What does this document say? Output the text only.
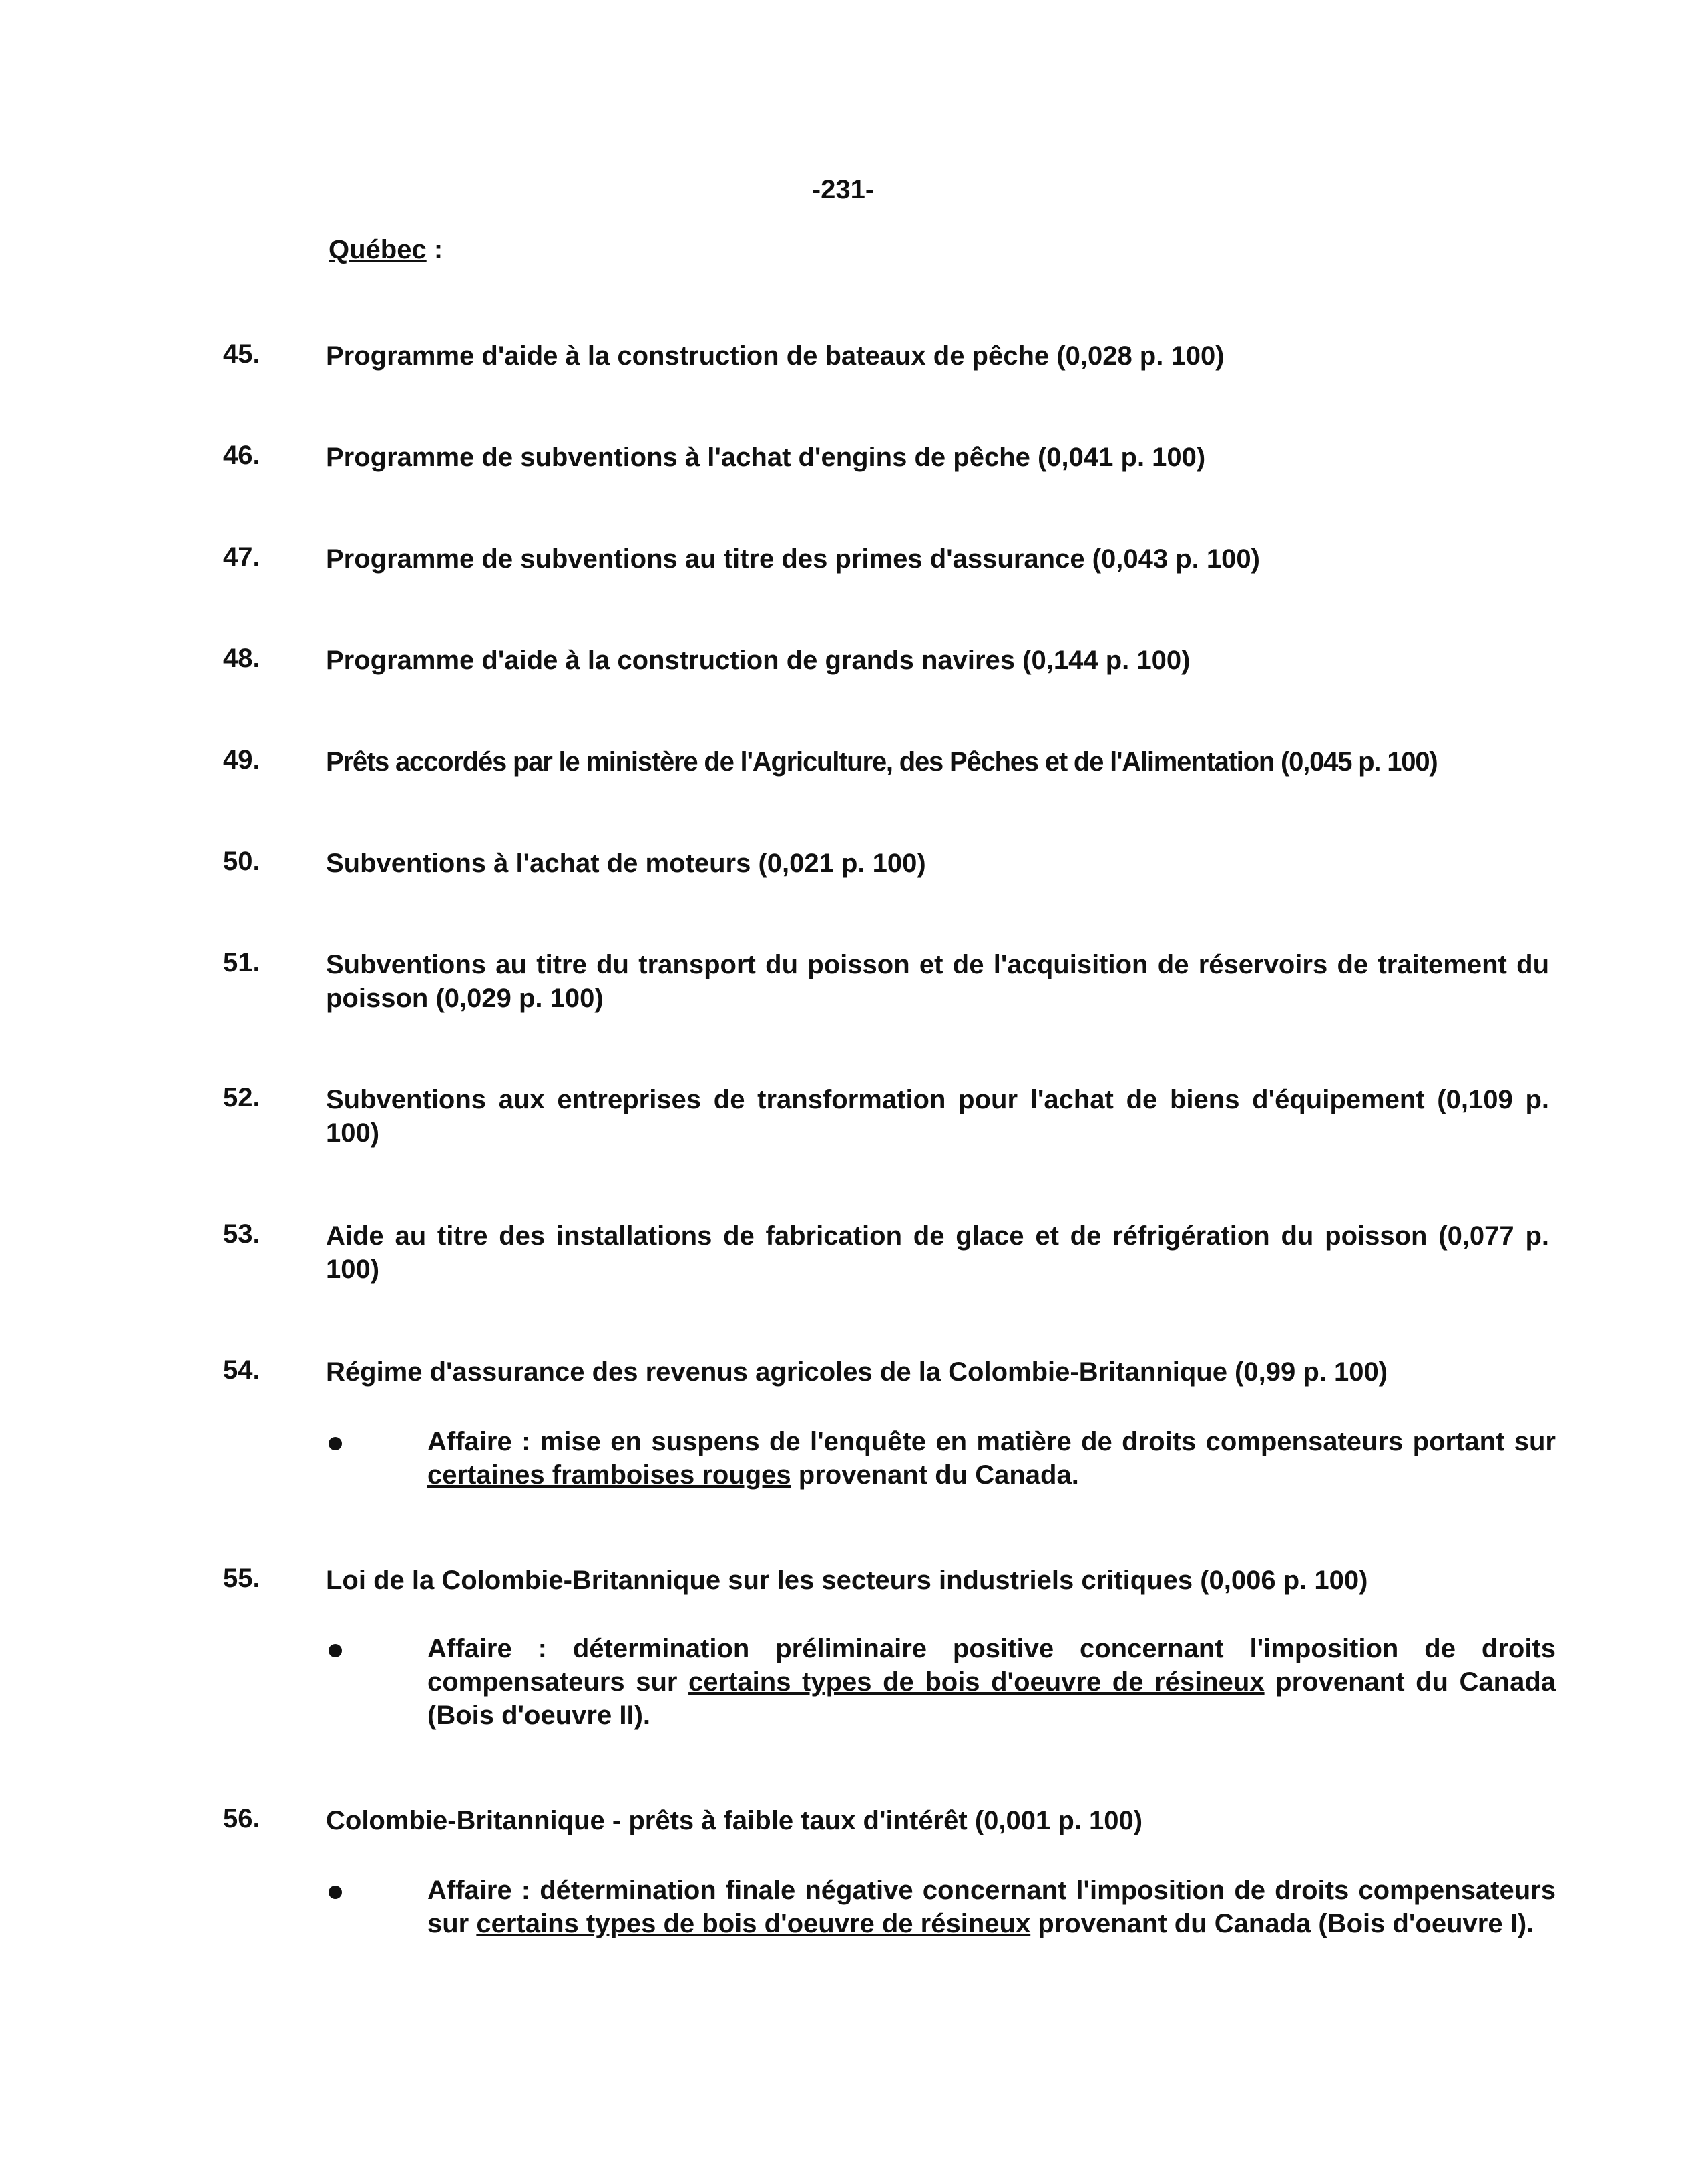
-231-
Québec :
45. Programme d'aide à la construction de bateaux de pêche (0,028 p. 100)
46. Programme de subventions à l'achat d'engins de pêche (0,041 p. 100)
47. Programme de subventions au titre des primes d'assurance (0,043 p. 100)
48. Programme d'aide à la construction de grands navires (0,144 p. 100)
49. Prêts accordés par le ministère de l'Agriculture, des Pêches et de l'Alimentation (0,045 p. 100)
50. Subventions à l'achat de moteurs (0,021 p. 100)
51. Subventions au titre du transport du poisson et de l'acquisition de réservoirs de traitement du poisson (0,029 p. 100)
52. Subventions aux entreprises de transformation pour l'achat de biens d'équipement (0,109 p. 100)
53. Aide au titre des installations de fabrication de glace et de réfrigération du poisson (0,077 p. 100)
54. Régime d'assurance des revenus agricoles de la Colombie-Britannique (0,99 p. 100)
Affaire : mise en suspens de l'enquête en matière de droits compensateurs portant sur certaines framboises rouges provenant du Canada.
55. Loi de la Colombie-Britannique sur les secteurs industriels critiques (0,006 p. 100)
Affaire : détermination préliminaire positive concernant l'imposition de droits compensateurs sur certains types de bois d'oeuvre de résineux provenant du Canada (Bois d'oeuvre II).
56. Colombie-Britannique - prêts à faible taux d'intérêt (0,001 p. 100)
Affaire : détermination finale négative concernant l'imposition de droits compensateurs sur certains types de bois d'oeuvre de résineux provenant du Canada (Bois d'oeuvre I).
